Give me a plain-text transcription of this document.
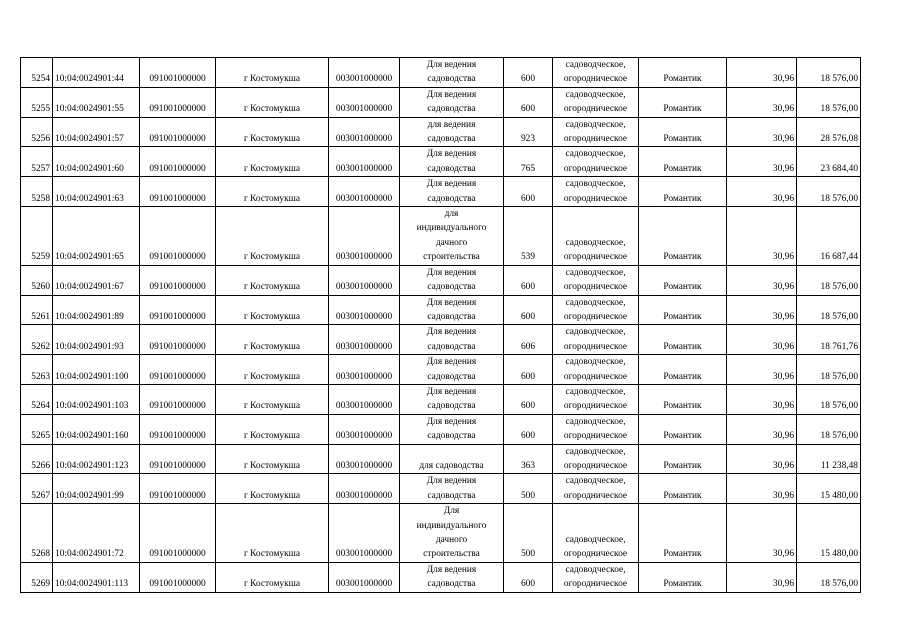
5254	10:04:0024901:44	091001000000	г Костомукша	003001000000	Для ведения
садоводства	600	садоводческое,
огородническое	Романтик	30,96	18 576,00
5255	10:04:0024901:55	091001000000	г Костомукша	003001000000	Для ведения
садоводства	600	садоводческое,
огородническое	Романтик	30,96	18 576,00
5256	10:04:0024901:57	091001000000	г Костомукша	003001000000	для ведения
садоводства	923	садоводческое,
огородническое	Романтик	30,96	28 576,08
5257	10:04:0024901:60	091001000000	г Костомукша	003001000000	Для ведения
садоводства	765	садоводческое,
огородническое	Романтик	30,96	23 684,40
5258	10:04:0024901:63	091001000000	г Костомукша	003001000000	Для ведения
садоводства	600	садоводческое,
огородническое	Романтик	30,96	18 576,00
5259	10:04:0024901:65	091001000000	г Костомукша	003001000000	для
индивидуального
дачного
строительства	539	садоводческое,
огородническое	Романтик	30,96	16 687,44
5260	10:04:0024901:67	091001000000	г Костомукша	003001000000	Для ведения
садоводства	600	садоводческое,
огородническое	Романтик	30,96	18 576,00
5261	10:04:0024901:89	091001000000	г Костомукша	003001000000	Для ведения
садоводства	600	садоводческое,
огородническое	Романтик	30,96	18 576,00
5262	10:04:0024901:93	091001000000	г Костомукша	003001000000	Для ведения
садоводства	606	садоводческое,
огородническое	Романтик	30,96	18 761,76
5263	10:04:0024901:100	091001000000	г Костомукша	003001000000	Для ведения
садоводства	600	садоводческое,
огородническое	Романтик	30,96	18 576,00
5264	10:04:0024901:103	091001000000	г Костомукша	003001000000	Для ведения
садоводства	600	садоводческое,
огородническое	Романтик	30,96	18 576,00
5265	10:04:0024901:160	091001000000	г Костомукша	003001000000	Для ведения
садоводства	600	садоводческое,
огородническое	Романтик	30,96	18 576,00
5266	10:04:0024901:123	091001000000	г Костомукша	003001000000	для садоводства	363	садоводческое,
огородническое	Романтик	30,96	11 238,48
5267	10:04:0024901:99	091001000000	г Костомукша	003001000000	Для ведения
садоводства	500	садоводческое,
огородническое	Романтик	30,96	15 480,00
5268	10:04:0024901:72	091001000000	г Костомукша	003001000000	Для
индивидуального
дачного
строительства	500	садоводческое,
огородническое	Романтик	30,96	15 480,00
5269	10:04:0024901:113	091001000000	г Костомукша	003001000000	Для ведения
садоводства	600	садоводческое,
огородническое	Романтик	30,96	18 576,00
